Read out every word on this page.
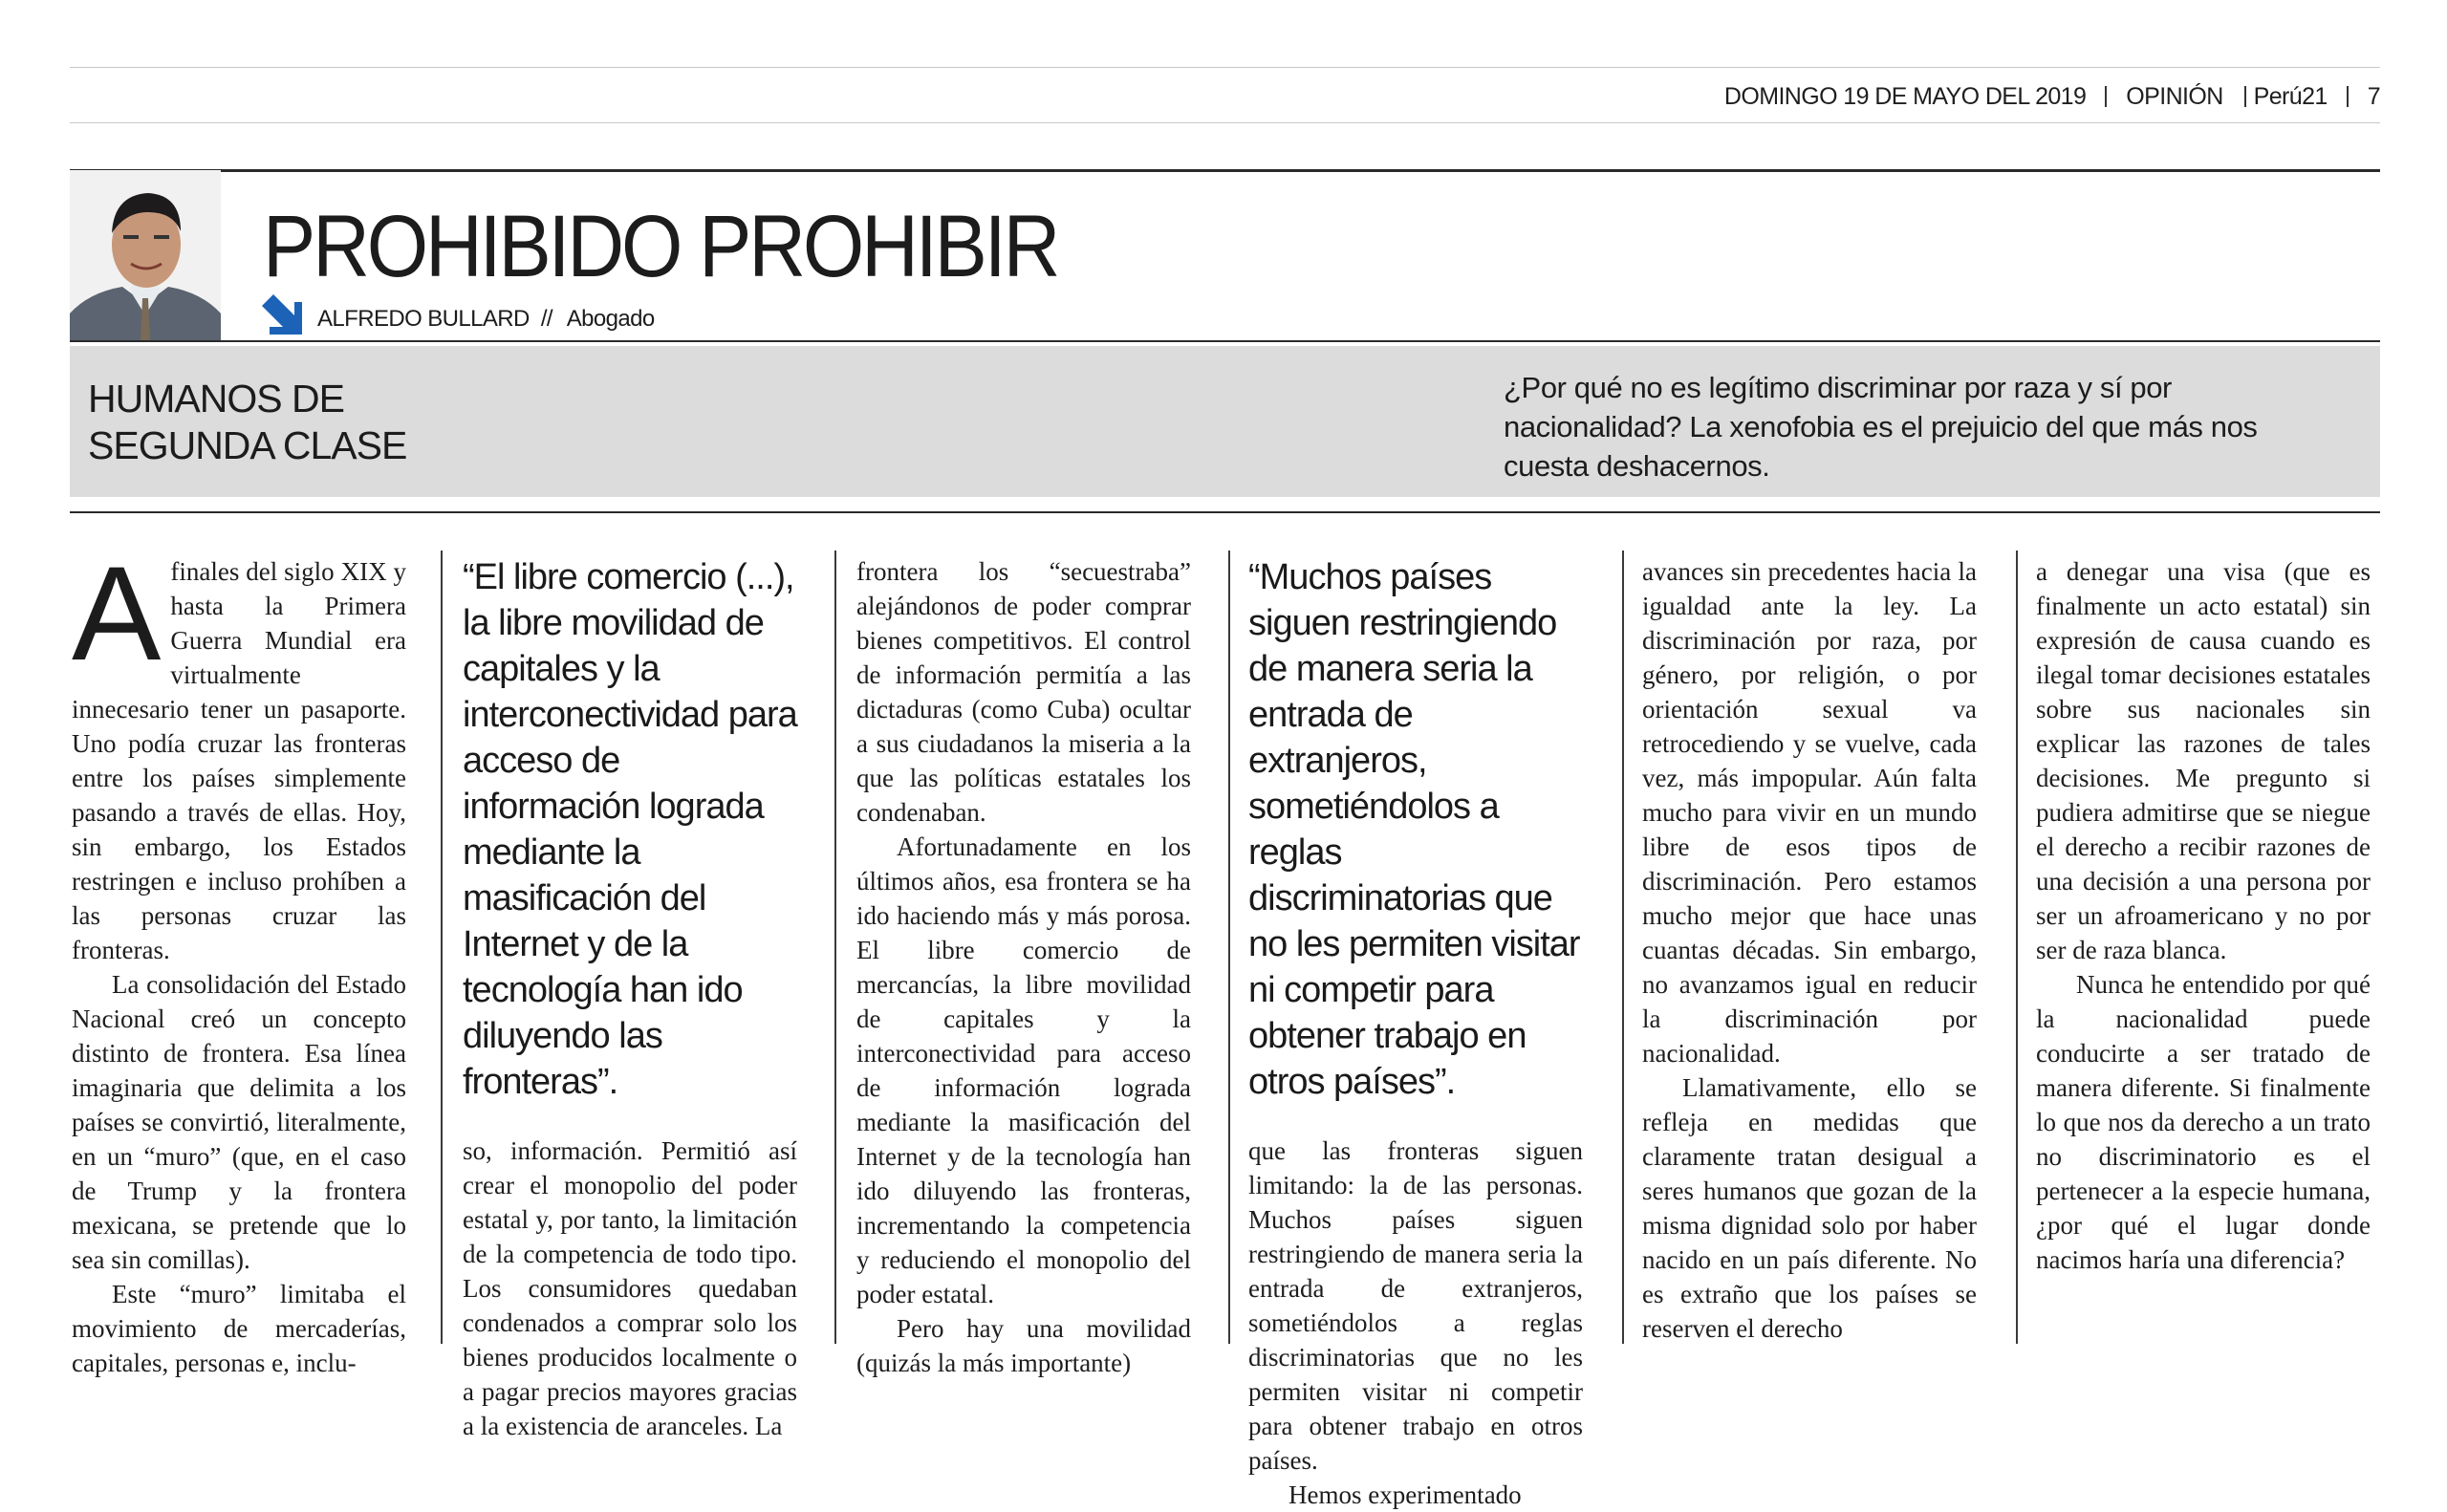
DOMINGO 19 DE MAYO DEL 2019 OPINIÓN Perú21 7
PROHIBIDO PROHIBIR
ALFREDO BULLARD // Abogado
HUMANOS DE
SEGUNDA CLASE

¿Por qué no es legítimo discriminar por raza y sí por nacionalidad? La xenofobia es el prejuicio del que más nos cuesta deshacernos.

Afinales del siglo XIX y hasta la Primera Guerra Mundial era virtualmente innecesario tener un pasaporte. Uno podía cruzar las fronteras entre los países simplemente pasando a través de ellas. Hoy, sin embargo, los Estados restringen e incluso prohíben a las personas cruzar las fronteras.

La consolidación del Estado Nacional creó un concepto distinto de frontera. Esa línea imaginaria que delimita a los países se convirtió, literalmente, en un “muro” (que, en el caso de Trump y la frontera mexicana, se pretende que lo sea sin comillas).

Este “muro” limitaba el movimiento de mercaderías, capitales, personas e, inclu-

“El libre comercio (...), la libre movilidad de capitales y la interconectividad para acceso de información lograda mediante la masificación del Internet y de la tecnología han ido diluyendo las fronteras”.

so, información. Permitió así crear el monopolio del poder estatal y, por tanto, la limitación de la competencia de todo tipo. Los consumidores quedaban condenados a comprar solo los bienes producidos localmente o a pagar precios mayores gracias a la existencia de aranceles. La

frontera los “secuestraba” alejándonos de poder comprar bienes competitivos. El control de información permitía a las dictaduras (como Cuba) ocultar a sus ciudadanos la miseria a la que las políticas estatales los condenaban.

Afortunadamente en los últimos años, esa frontera se ha ido haciendo más y más porosa. El libre comercio de mercancías, la libre movilidad de capitales y la interconectividad para acceso de información lograda mediante la masificación del Internet y de la tecnología han ido diluyendo las fronteras, incrementando la competencia y reduciendo el monopolio del poder estatal.

Pero hay una movilidad (quizás la más importante)

“Muchos países siguen restringiendo de manera seria la entrada de extranjeros, sometiéndolos a reglas discriminatorias que no les permiten visitar ni competir para obtener trabajo en otros países”.

que las fronteras siguen limitando: la de las personas. Muchos países siguen restringiendo de manera seria la entrada de extranjeros, sometiéndolos a reglas discriminatorias que no les permiten visitar ni competir para obtener trabajo en otros países.

Hemos experimentado

avances sin precedentes hacia la igualdad ante la ley. La discriminación por raza, por género, por religión, o por orientación sexual va retrocediendo y se vuelve, cada vez, más impopular. Aún falta mucho para vivir en un mundo libre de esos tipos de discriminación. Pero estamos mucho mejor que hace unas cuantas décadas. Sin embargo, no avanzamos igual en reducir la discriminación por nacionalidad.

Llamativamente, ello se refleja en medidas que claramente tratan desigual a seres humanos que gozan de la misma dignidad solo por haber nacido en un país diferente. No es extraño que los países se reserven el derecho

a denegar una visa (que es finalmente un acto estatal) sin expresión de causa cuando es ilegal tomar decisiones estatales sobre sus nacionales sin explicar las razones de tales decisiones. Me pregunto si pudiera admitirse que se niegue el derecho a recibir razones de una decisión a una persona por ser un afroamericano y no por ser de raza blanca.

Nunca he entendido por qué la nacionalidad puede conducirte a ser tratado de manera diferente. Si finalmente lo que nos da derecho a un trato no discriminatorio es el pertenecer a la especie humana, ¿por qué el lugar donde nacimos haría una diferencia?
